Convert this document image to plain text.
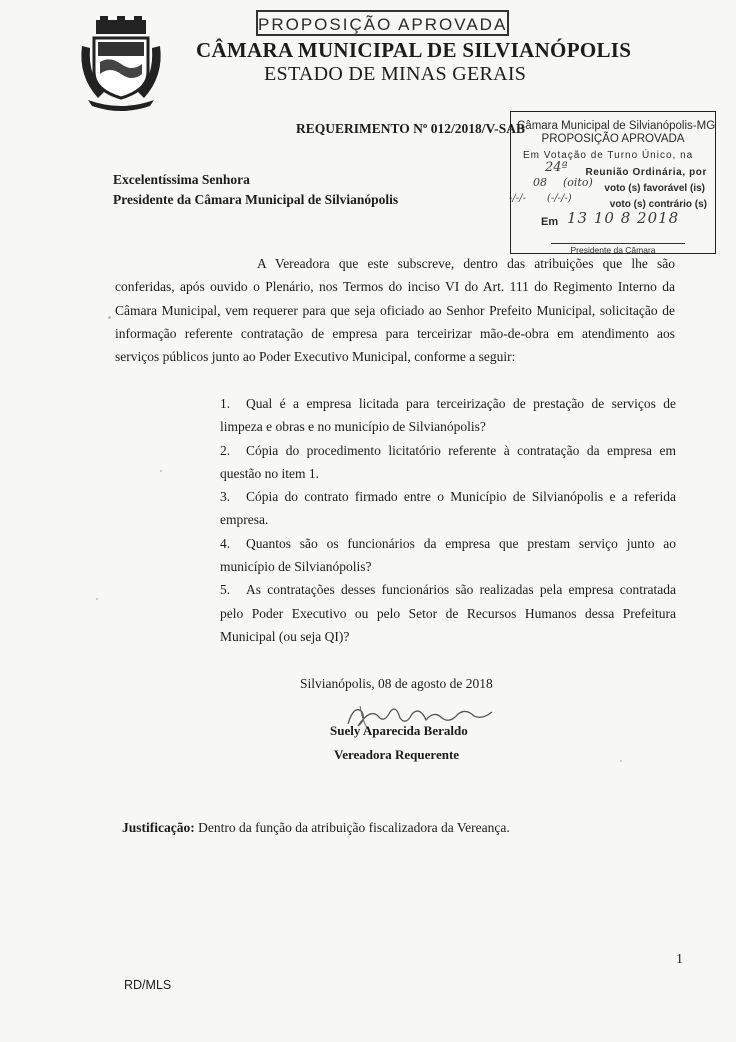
PROPOSIÇÃO APROVADA
MG
CÂMARA MUNICIPAL DE SILVIANÓPOLIS
ESTADO DE MINAS GERAIS
REQUERIMENTO Nº 012/2018/V-SAB
Câmara Municipal de Silvianópolis-MG
PROPOSIÇÃO APROVADA
Em Votação de Turno Único, na
Reunião Ordinária, por
voto (s) favorável (is)
voto (s) contrário (s)
Em
24ª
08 (oito)
-/-/- (-/-/-)
13 10 8 2018
Presidente da Câmara
Excelentíssima Senhora
Presidente da Câmara Municipal de Silvianópolis
A Vereadora que este subscreve, dentro das atribuições que lhe são
conferidas, após ouvido o Plenário, nos Termos do inciso VI do Art. 111 do Regimento Interno da
Câmara Municipal, vem requerer para que seja oficiado ao Senhor Prefeito Municipal, solicitação de
informação referente contratação de empresa para terceirizar mão-de-obra em atendimento aos
serviços públicos junto ao Poder Executivo Municipal, conforme a seguir:
1. Qual é a empresa licitada para terceirização de prestação de serviços de
limpeza e obras e no município de Silvianópolis?
2. Cópia do procedimento licitatório referente à contratação da empresa em
questão no item 1.
3. Cópia do contrato firmado entre o Município de Silvianópolis e a referida
empresa.
4. Quantos são os funcionários da empresa que prestam serviço junto ao
município de Silvianópolis?
5. As contratações desses funcionários são realizadas pela empresa contratada
pelo Poder Executivo ou pelo Setor de Recursos Humanos dessa Prefeitura
Municipal (ou seja QI)?
Silvianópolis, 08 de agosto de 2018
Suely Aparecida Beraldo
Vereadora Requerente
Justificação: Dentro da função da atribuição fiscalizadora da Vereança.
1
RD/MLS
